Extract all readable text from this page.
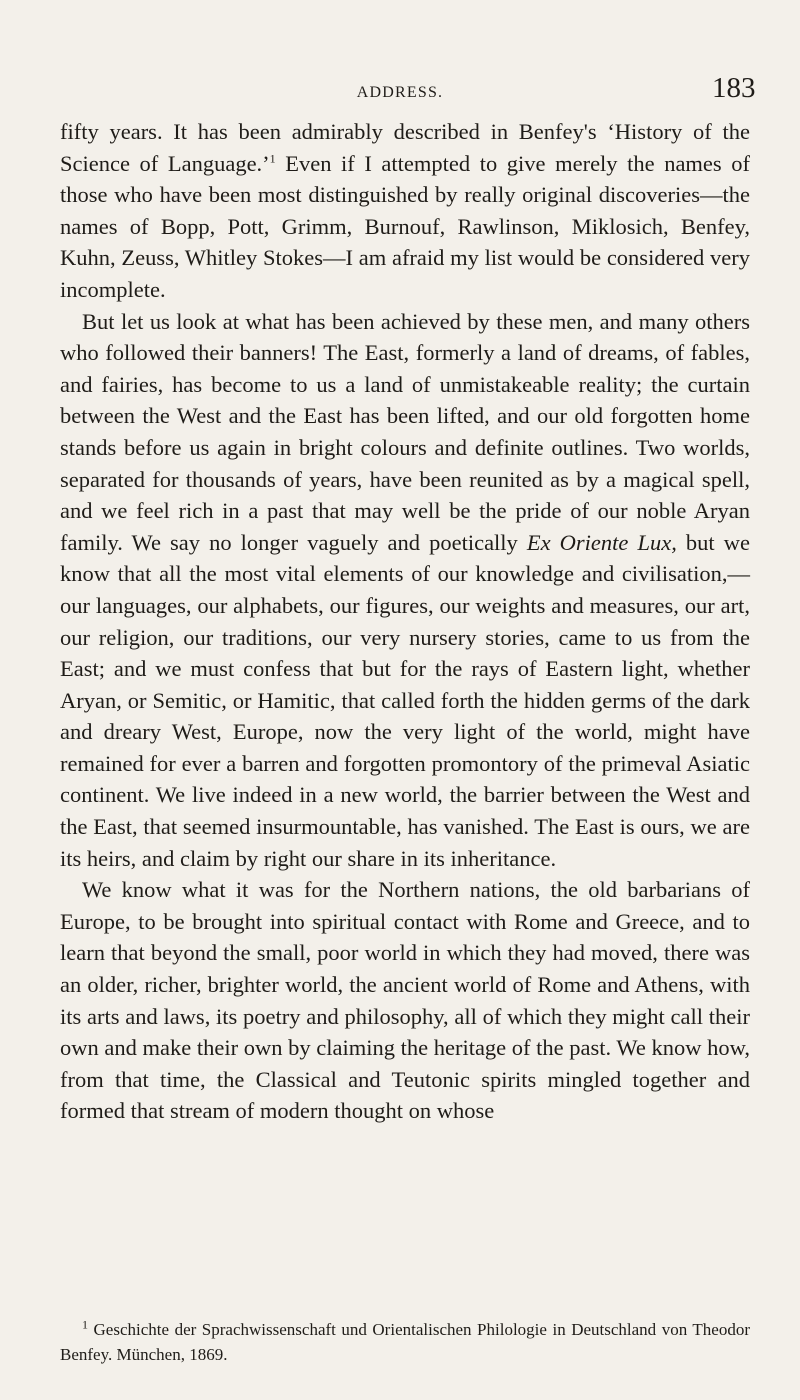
ADDRESS.	183

fifty years. It has been admirably described in Benfey's ‘History of the Science of Language.’$^1$ Even if I attempted to give merely the names of those who have been most distinguished by really original discoveries—the names of Bopp, Pott, Grimm, Burnouf, Rawlinson, Miklosich, Benfey, Kuhn, Zeuss, Whitley Stokes—I am afraid my list would be considered very incomplete.

But let us look at what has been achieved by these men, and many others who followed their banners! The East, formerly a land of dreams, of fables, and fairies, has become to us a land of unmistakeable reality; the curtain between the West and the East has been lifted, and our old forgotten home stands before us again in bright colours and definite outlines. Two worlds, separated for thousands of years, have been reunited as by a magical spell, and we feel rich in a past that may well be the pride of our noble Aryan family. We say no longer vaguely and poetically Ex Oriente Lux, but we know that all the most vital elements of our knowledge and civilisation,—our languages, our alphabets, our figures, our weights and measures, our art, our religion, our traditions, our very nursery stories, came to us from the East; and we must confess that but for the rays of Eastern light, whether Aryan, or Semitic, or Hamitic, that called forth the hidden germs of the dark and dreary West, Europe, now the very light of the world, might have remained for ever a barren and forgotten promontory of the primeval Asiatic continent. We live indeed in a new world, the barrier between the West and the East, that seemed insurmountable, has vanished. The East is ours, we are its heirs, and claim by right our share in its inheritance.

We know what it was for the Northern nations, the old barbarians of Europe, to be brought into spiritual contact with Rome and Greece, and to learn that beyond the small, poor world in which they had moved, there was an older, richer, brighter world, the ancient world of Rome and Athens, with its arts and laws, its poetry and philosophy, all of which they might call their own and make their own by claiming the heritage of the past. We know how, from that time, the Classical and Teutonic spirits mingled together and formed that stream of modern thought on whose

$^1$ Geschichte der Sprachwissenschaft und Orientalischen Philologie in Deutschland von Theodor Benfey. München, 1869.
